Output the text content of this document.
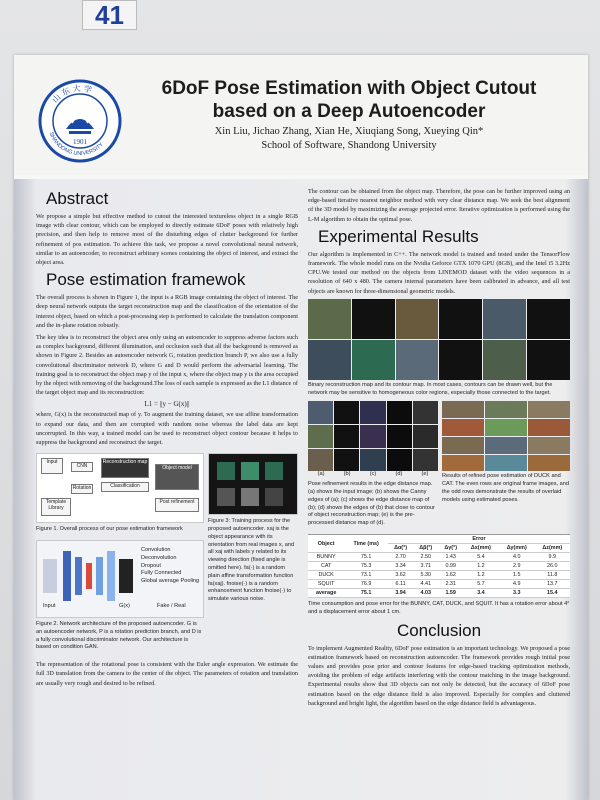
41
1901
山 东 大 学
SHANDONG UNIVERSITY
6DoF Pose Estimation with Object Cutout
based on a Deep Autoencoder
Xin Liu, Jichao Zhang, Xian He, Xiuqiang Song, Xueying Qin*
School of Software, Shandong University
Abstract

We propose a simple but effective method to cutout the interested textureless object in a single RGB image with clear contour, which can be employed to directly estimate 6DoF poses with relatively high precision, and then help to remove most of the disturbing edges of clutter background for further refinement of pos estimation. To achieve this task, we propose a novel convolutional neural network, similar to an autoencoder, to reconstruct arbitrary scenes containing the object of interest, and extract the object area.

Pose estimation framewok

The overall process is shown in Figure 1, the input is a RGB image containing the object of interest. The deep neural network outputs the target reconstruction map and the classification of the orientation of the interest object, based on which a post-processing step is performed to calculate the translation component and the in-plane rotation robustly.

The key idea is to reconstruct the object area only using an autoencoder to suppress adverse factors such as complex background, different illumination, and occlusion such that all the background is removed as shown in Figure 2. Besides an autoencoder network G, rotation prediction branch P, we also use a fully convolutional discriminator network D, where G and D would perform the adversarial learning. The training goal is to reconstruct the object map y of the input x, where the object map y is the area occupied by the object with removing of the background.The loss of each sample is expressed as the L1 distance of the target object map and its reconstruction:

L1 = ||y − G(x)||

where, G(x) is the reconstructed map of y. To augment the training dataset, we use affine transformation to expand our data, and then are corrupted with random noise whereas the label data are kept uncorrupted. In this way, a trained model can be used to reconstruct object contour because it helps to suppress the background and reconstruct the target.

Input
CNN
Reconstruction map
Classification
Rotation
Template Library
Post refinement
Object model
Figure 1. Overall process of our pose estimation framework
Convolution
Deconvolution
Dropout
Fully Connected
Global average Pooling
Input	G(x)	Fake / Real
Figure 2. Network architecture of the proposed autoencoder. G is an autoencoder network, P is a rotation prediction branch, and D is a fully convolutional discriminator network. Our architecture is based on condition GAN.
Figure 3: Training process for the proposed autoencoder. xaj is the object appearance with its orientation from real images x, and all xaj with labels y related to its viewing direction (fixed angle is omitted here). fa(·) is a random plain affine transformation function fa(xaj). fnoise(·) is a random enhancement function fnoise(·) to simulate various noise.

The representation of the rotational pose is consistent with the Euler angle expression. We estimate the full 3D translation from the camera to the center of the object. The parameters of rotation and translation are usually very rough and desired to be refined.

The contour can be obtained from the object map. Therefore, the pose can be further improved using an edge-based iterative nearest neighbor method with very clear distance map. We seek the best alignment of the 3D model by maximizing the average projected error. Iterative optimization is performed using the L-M algorithm to obtain the optimal pose.

Experimental Results

Our algorithm is implemented in C++. The network model is trained and tested under the TensorFlow framework. The whole model runs on the Nvidia Geforce GTX 1070 GPU (8GB), and the Intel i5 3.2Hz CPU.We tested our method on the objects from LINEMOD dataset with the video sequences in a resolution of 640 x 480. The camera internal parameters have been calibrated in advance, and all test objects are known for three-dimensional geometric models.

Binary reconstruction map and its contour map. In most cases, contours can be drawn well, but the network may be sensitive to homogeneous color regions, especially those connected to the target.
(a)	(b)	(c)	(d)	(e)
Pose refinement results in the edge distance map. (a) shows the input image; (b) shows the Canny edges of (a); (c) shows the edge distance map of (b); (d) shows the edges of (b) that close to contour of object reconstruction map; (e) is the pre-processed distance map of (d).
Results of refined pose estimation of DUCK and CAT. The even rows are original frame images, and the odd rows demonstrate the results of overlaid models using estimated poses.
Object	Time (ms)	Error					
		Δα(°)	Δβ(°)	Δγ(°)	Δx(mm)	Δy(mm)	Δz(mm)
BUNNY	75.1	2.70	2.50	1.43	5.4	4.0	9.9
CAT	75.3	3.34	3.71	0.99	1.2	2.9	26.0
DUCK	73.1	3.62	5.30	1.62	1.2	1.5	11.8
SQUIT	76.9	6.11	4.41	2.31	5.7	4.9	13.7
average	75.1	3.94	4.03	1.59	3.4	3.3	15.4
Time consumption and pose error for the BUNNY, CAT, DUCK, and SQUIT. It has a rotation error about 4° and a displacement error about 1 cm.
Conclusion

To implement Augmented Reality, 6DoF pose estimation is an important technology. We proposed a pose estimation framework based on reconstruction autoencoder. The framework provides rough initial pose values and provides pose prior and contour features for edge-based tracking optimization methods, avoiding the problem of edge artifacts interfering with the contour matching in the image background. Experimental results show that 3D objects can not only be detected, but the accuracy of 6DoF pose estimation based on the edge distance field is also improved. Especially for complex and cluttered background and bright light, the algorithm based on the edge distance field is advantageous.
